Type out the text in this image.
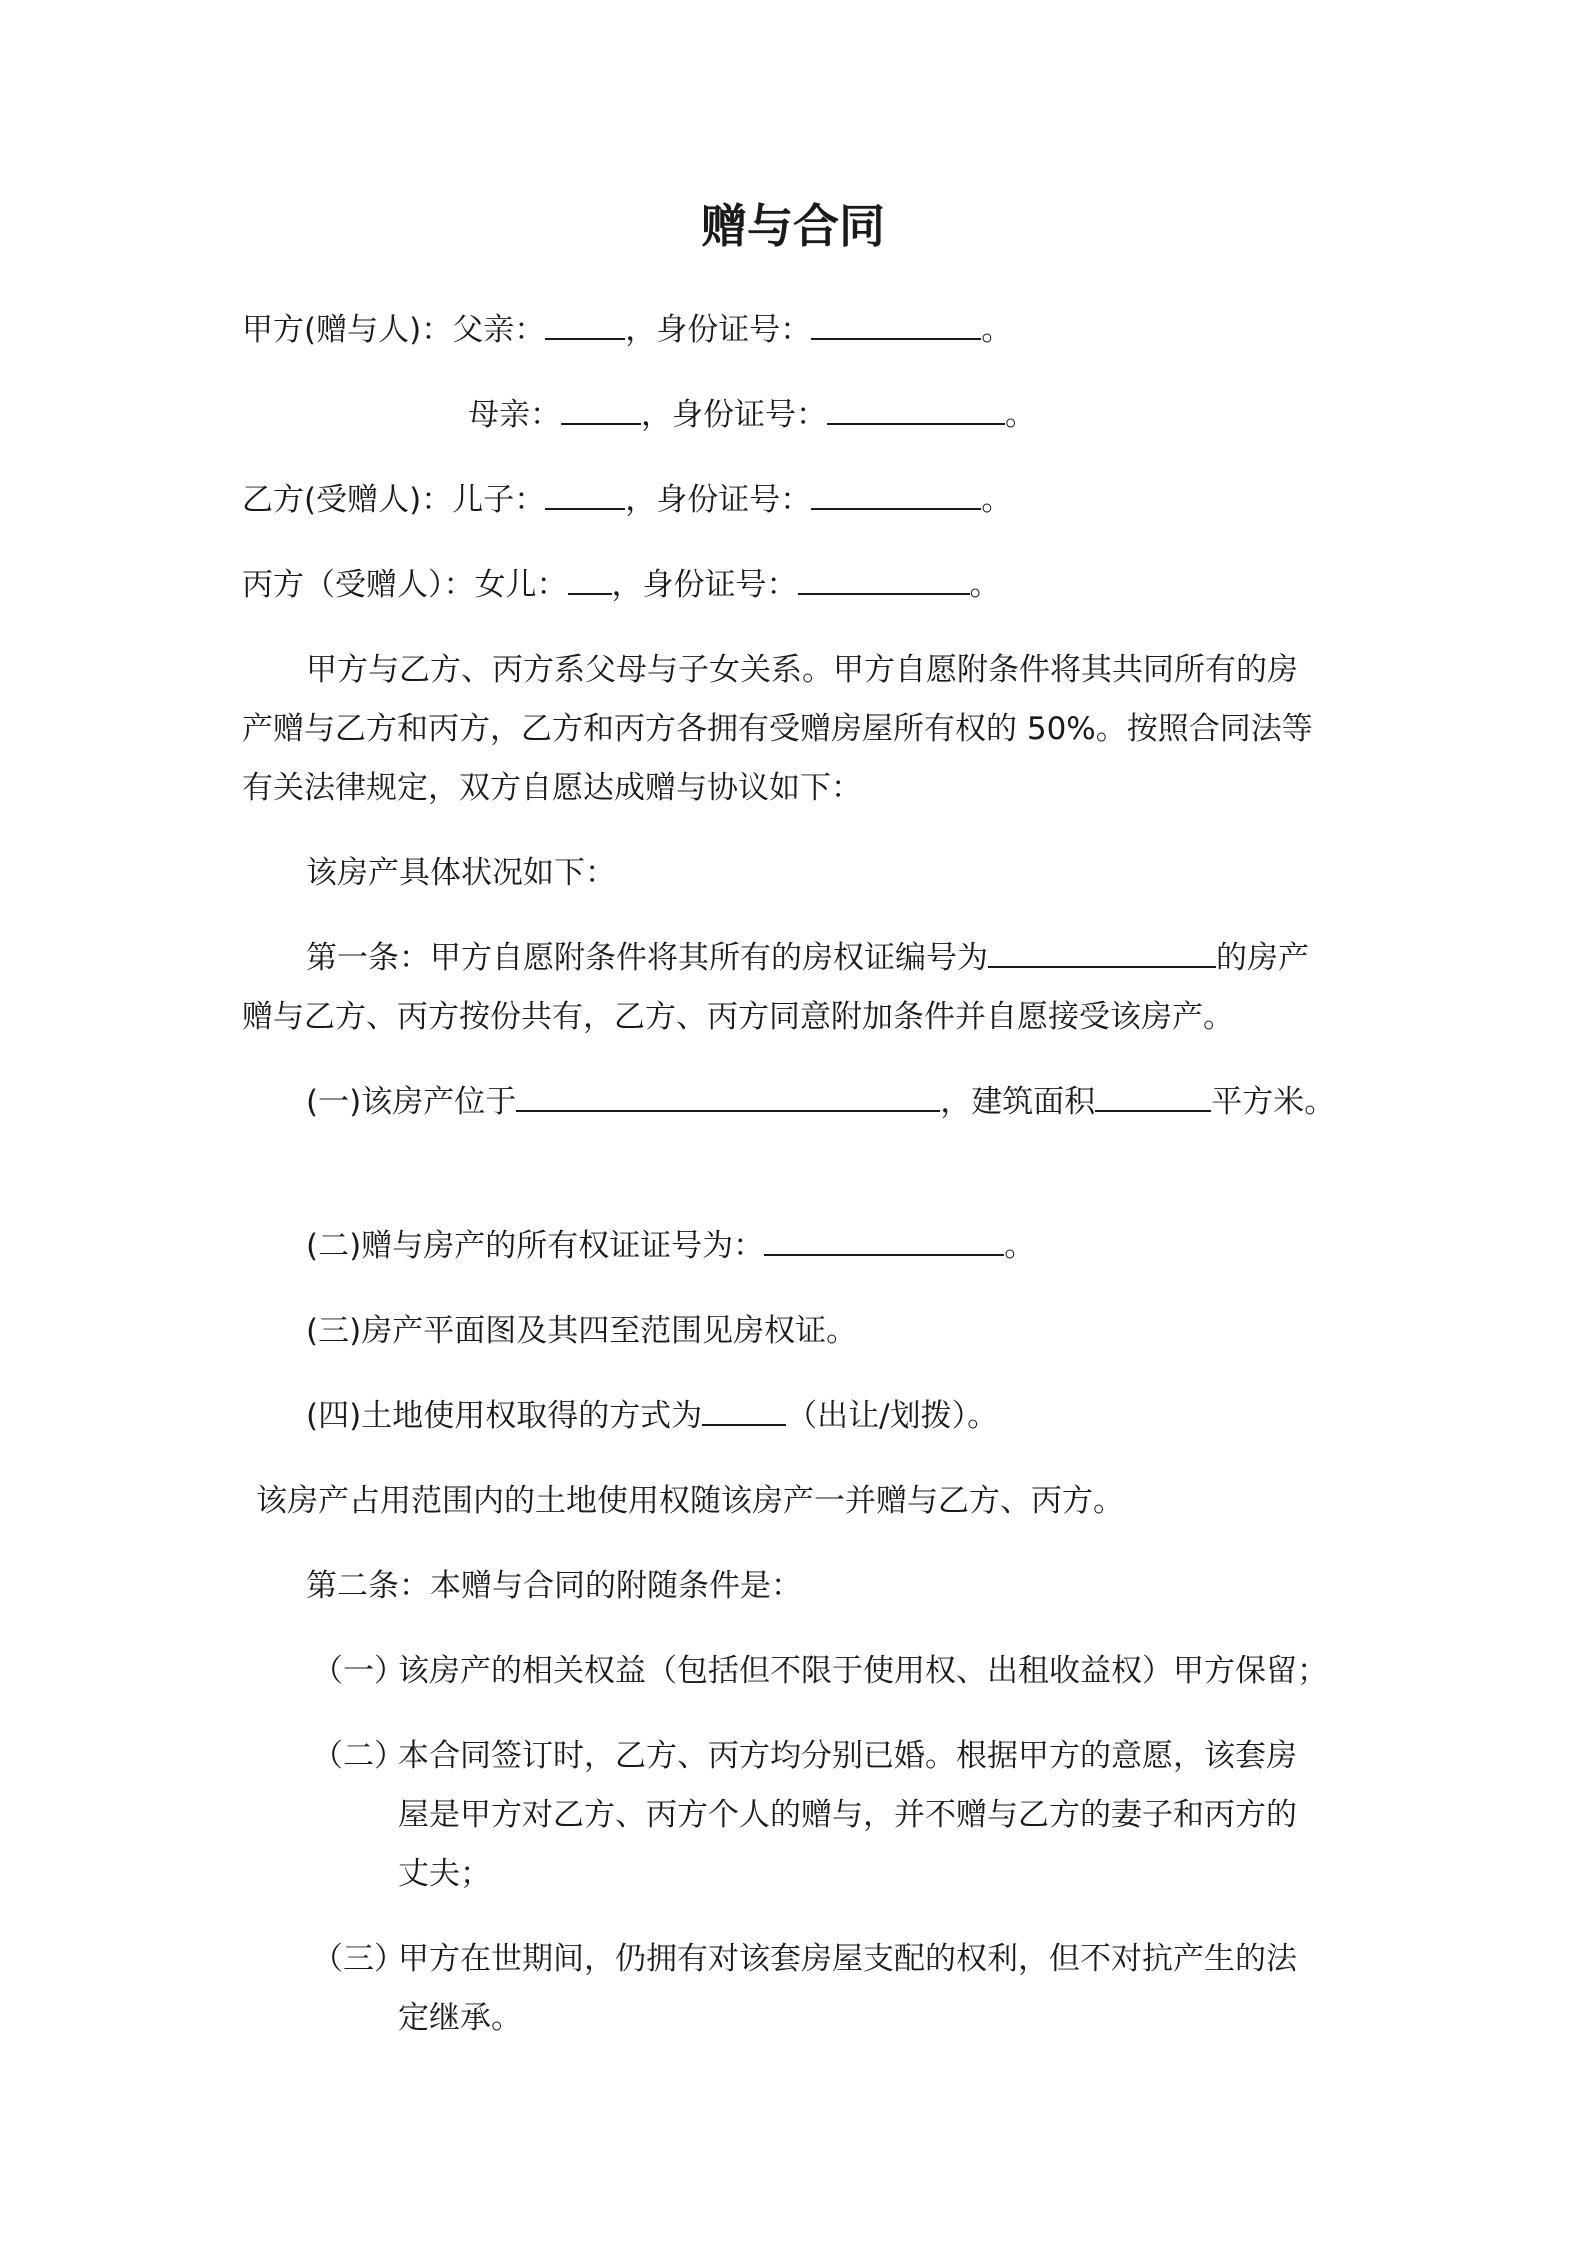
赠与合同
甲方(赠与人)：父亲：	，身份证号：	。
母亲：	，身份证号：	。
乙方(受赠人)：儿子：	，身份证号：	。
丙方（受赠人）：女儿： ，身份证号：	。
甲方与乙方、丙方系父母与子女关系。甲方自愿附条件将其共同所有的房
产赠与乙方和丙方，乙方和丙方各拥有受赠房屋所有权的 50%。按照合同法等
有关法律规定，双方自愿达成赠与协议如下：
该房产具体状况如下：
第一条：甲方自愿附条件将其所有的房权证编号为	的房产
赠与乙方、丙方按份共有，乙方、丙方同意附加条件并自愿接受该房产。
(一)该房产位于	，建筑面积	平方米。
(二)赠与房产的所有权证证号为：	。
(三)房产平面图及其四至范围见房权证。
(四)土地使用权取得的方式为	（出让/划拨）。
该房产占用范围内的土地使用权随该房产一并赠与乙方、丙方。
第二条：本赠与合同的附随条件是：
（一）
该房产的相关权益（包括但不限于使用权、出租收益权）甲方保留；
（二）
本合同签订时，乙方、丙方均分别已婚。根据甲方的意愿，该套房
屋是甲方对乙方、丙方个人的赠与，并不赠与乙方的妻子和丙方的
丈夫；
（三）
甲方在世期间，仍拥有对该套房屋支配的权利，但不对抗产生的法
定继承。
